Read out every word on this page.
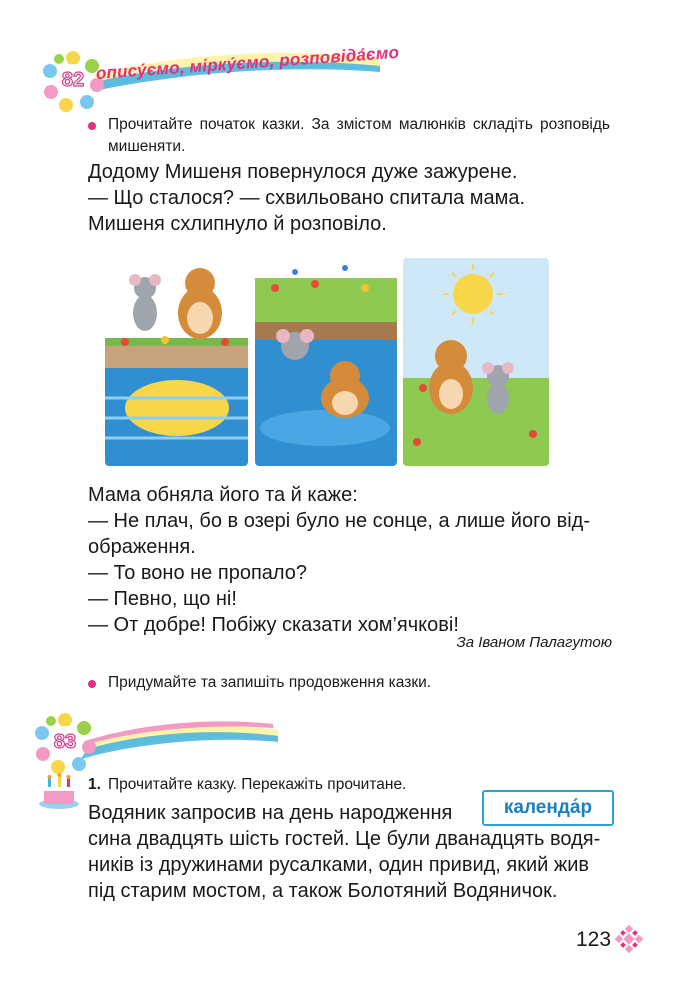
82 опису́ємо, мірку́ємо, розповіда́ємо
Прочитайте початок казки. За змістом малюнків складіть розповідь мишеняти.

Додому Мишеня повернулося дуже зажурене.

— Що сталося? — схвильовано спитала мама.

Мишеня схлипнуло й розповіло.

Мама обняла його та й каже:

— Не плач, бо в озері було не сонце, а лише його від-

ображення.

— То воно не пропало?

— Певно, що ні!

— От добре! Побіжу сказати хом’ячкові!

За Іваном Палагутою
Придумайте та запишіть продовження казки.
83
1. Прочитайте казку. Перекажіть прочитане.
календа́р

Водяник запросив на день народження

сина двадцять шість гостей. Це були дванадцять водя-

ників із дружинами русалками, один привид, який жив

під старим мостом, а також Болотяний Водяничок.

123
